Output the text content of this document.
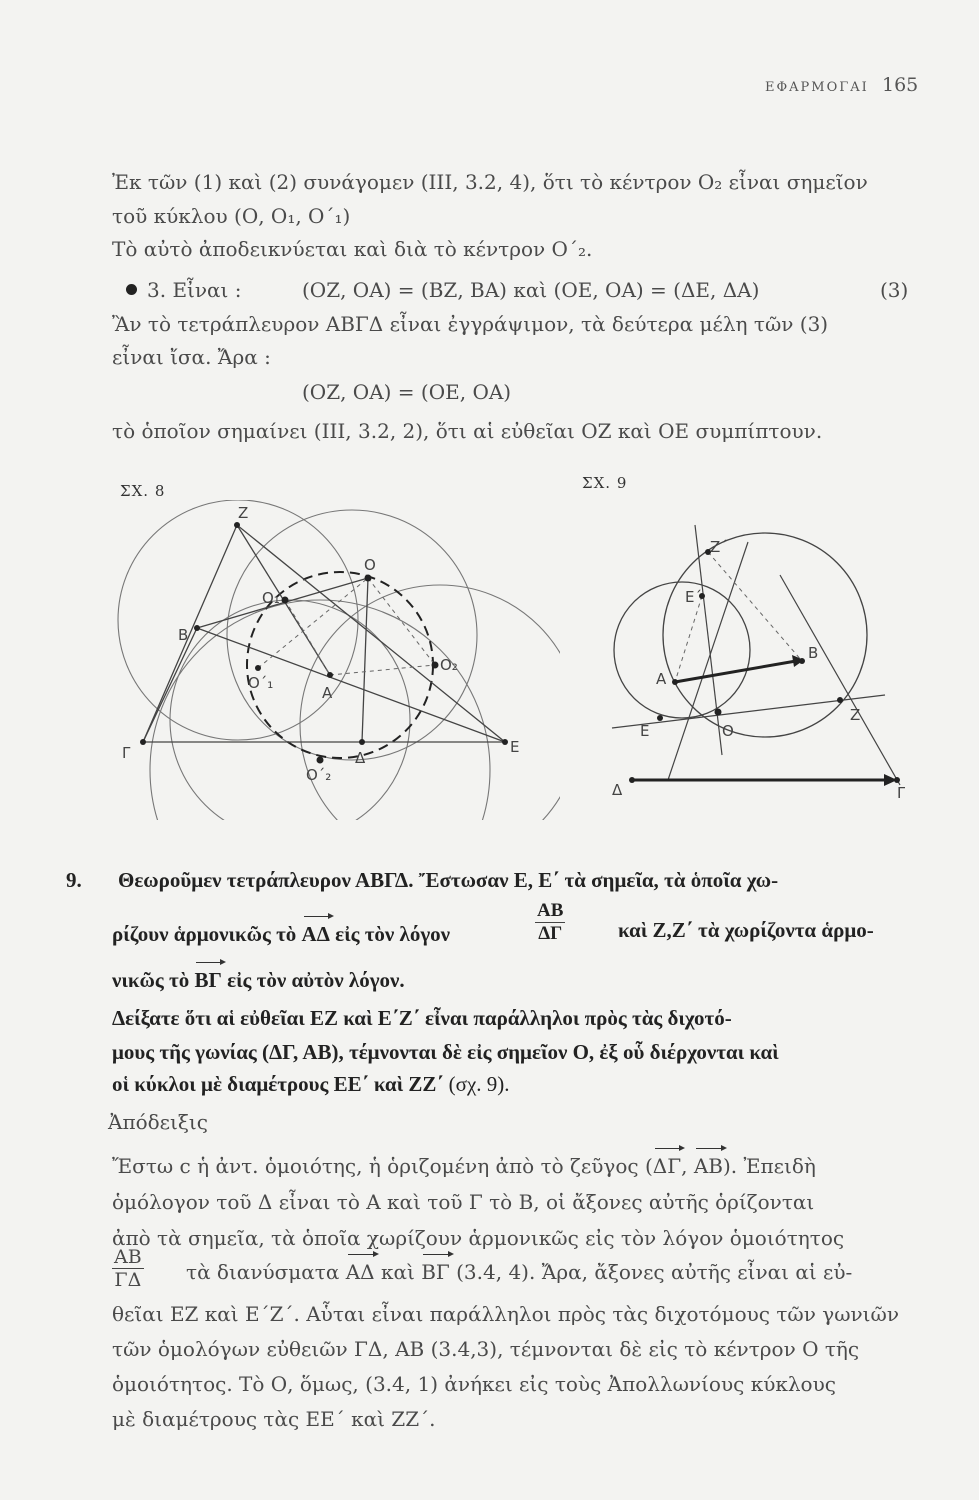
ΕΦΑΡΜΟΓΑΙ 165
Ἐκ τῶν (1) καὶ (2) συνάγομεν (III, 3.2, 4), ὅτι τὸ κέντρον Ο₂ εἶναι σημεῖον
τοῦ κύκλου (Ο, Ο₁, Ο΄₁)
Τὸ αὐτὸ ἀποδεικνύεται καὶ διὰ τὸ κέντρον Ο΄₂.
3. Εἶναι :	(ΟΖ, ΟΑ) = (ΒΖ, ΒΑ) καὶ (ΟΕ, ΟΑ) = (ΔΕ, ΔΑ)	(3)
Ἂν τὸ τετράπλευρον ΑΒΓΔ εἶναι ἐγγράψιμον, τὰ δεύτερα μέλη τῶν (3)
εἶναι ἴσα. Ἄρα :
(ΟΖ, ΟΑ) = (ΟΕ, ΟΑ)
τὸ ὁποῖον σημαίνει (III, 3.2, 2), ὅτι αἱ εὐθεῖαι ΟΖ καὶ ΟΕ συμπίπτουν.
ΣΧ. 8	ΣΧ. 9
Ζ
Ο
Ο₁
Β
Ο₂
Ο΄₁
Α
Γ	Δ
Ε
Ο΄₂
Ζ΄
Ε΄
Β
Α
Ζ
Ε	Ο
Δ	Γ
9. Θεωροῦμεν τετράπλευρον ΑΒΓΔ. Ἔστωσαν Ε, Ε΄ τὰ σημεῖα, τὰ ὁποῖα χω-
ρίζουν ἁρμονικῶς τὸ ΑΔ εἰς τὸν λόγον	$\frac{AB}{\Delta\Gamma}$	καὶ Ζ,Ζ΄ τὰ χωρίζοντα ἁρμο-
νικῶς τὸ ΒΓ εἰς τὸν αὐτὸν λόγον.
Δείξατε ὅτι αἱ εὐθεῖαι ΕΖ καὶ Ε΄Ζ΄ εἶναι παράλληλοι πρὸς τὰς διχοτό-
μους τῆς γωνίας (ΔΓ, ΑΒ), τέμνονται δὲ εἰς σημεῖον Ο, ἐξ οὗ διέρχονται καὶ
οἱ κύκλοι μὲ διαμέτρους ΕΕ΄ καὶ ΖΖ΄ (σχ. 9).
Ἀπόδειξις
Ἔστω c ἡ ἀντ. ὁμοιότης, ἡ ὁριζομένη ἀπὸ τὸ ζεῦγος (ΔΓ, ΑΒ). Ἐπειδὴ
ὁμόλογον τοῦ Δ εἶναι τὸ Α καὶ τοῦ Γ τὸ Β, οἱ ἄξονες αὐτῆς ὁρίζονται
ἀπὸ τὰ σημεῖα, τὰ ὁποῖα χωρίζουν ἁρμονικῶς εἰς τὸν λόγον ὁμοιότητος
$\frac{AB}{\Gamma\Delta}$ τὰ διανύσματα ΑΔ καὶ ΒΓ (3.4, 4). Ἄρα, ἄξονες αὐτῆς εἶναι αἱ εὐ-
θεῖαι ΕΖ καὶ Ε΄Ζ΄. Αὗται εἶναι παράλληλοι πρὸς τὰς διχοτόμους τῶν γωνιῶν
τῶν ὁμολόγων εὐθειῶν ΓΔ, ΑΒ (3.4,3), τέμνονται δὲ εἰς τὸ κέντρον Ο τῆς
ὁμοιότητος. Τὸ Ο, ὅμως, (3.4, 1) ἀνήκει εἰς τοὺς Ἀπολλωνίους κύκλους
μὲ διαμέτρους τὰς ΕΕ΄ καὶ ΖΖ΄.
